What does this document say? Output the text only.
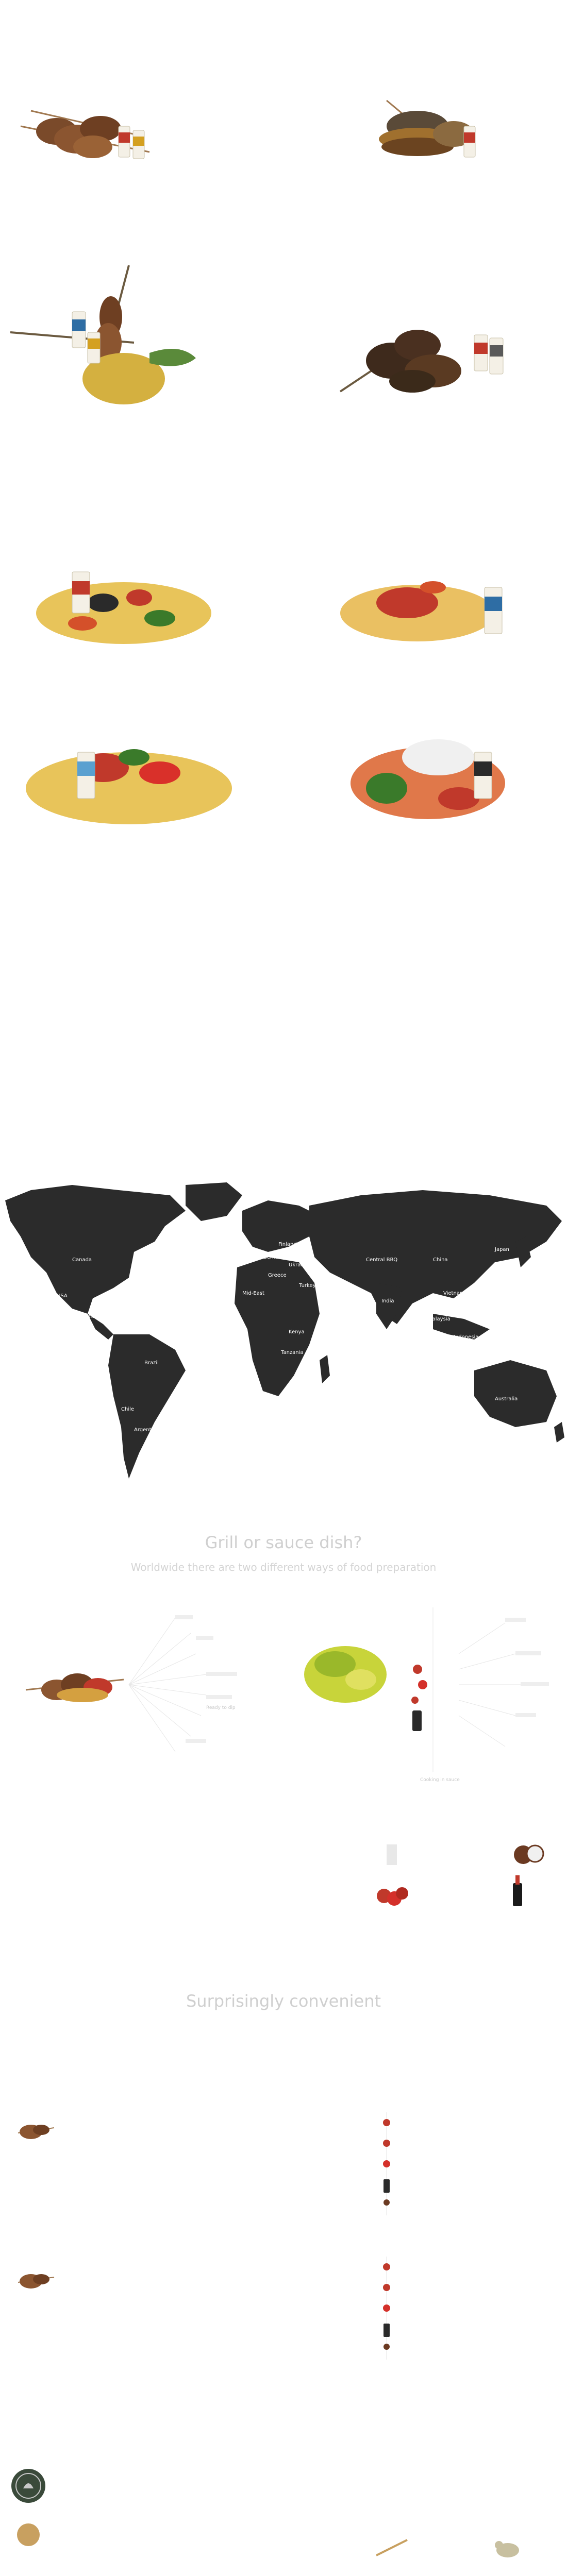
Canada
USA
Mexico
BBQ Area
Germany
Finland
Ukraine
Central BBQ
Greece
Turkey
Iran
Mid-East
Kenya
Tanzania
Madagascar
Brazil
Chile
Argentina
Japan
India
China
Australia
Malaysia
Indonesia
Vietnam
Grill or sauce dish?
Worldwide there are two different ways of food preparation
Ready to dip
Cooking in sauce
Surprisingly convenient
